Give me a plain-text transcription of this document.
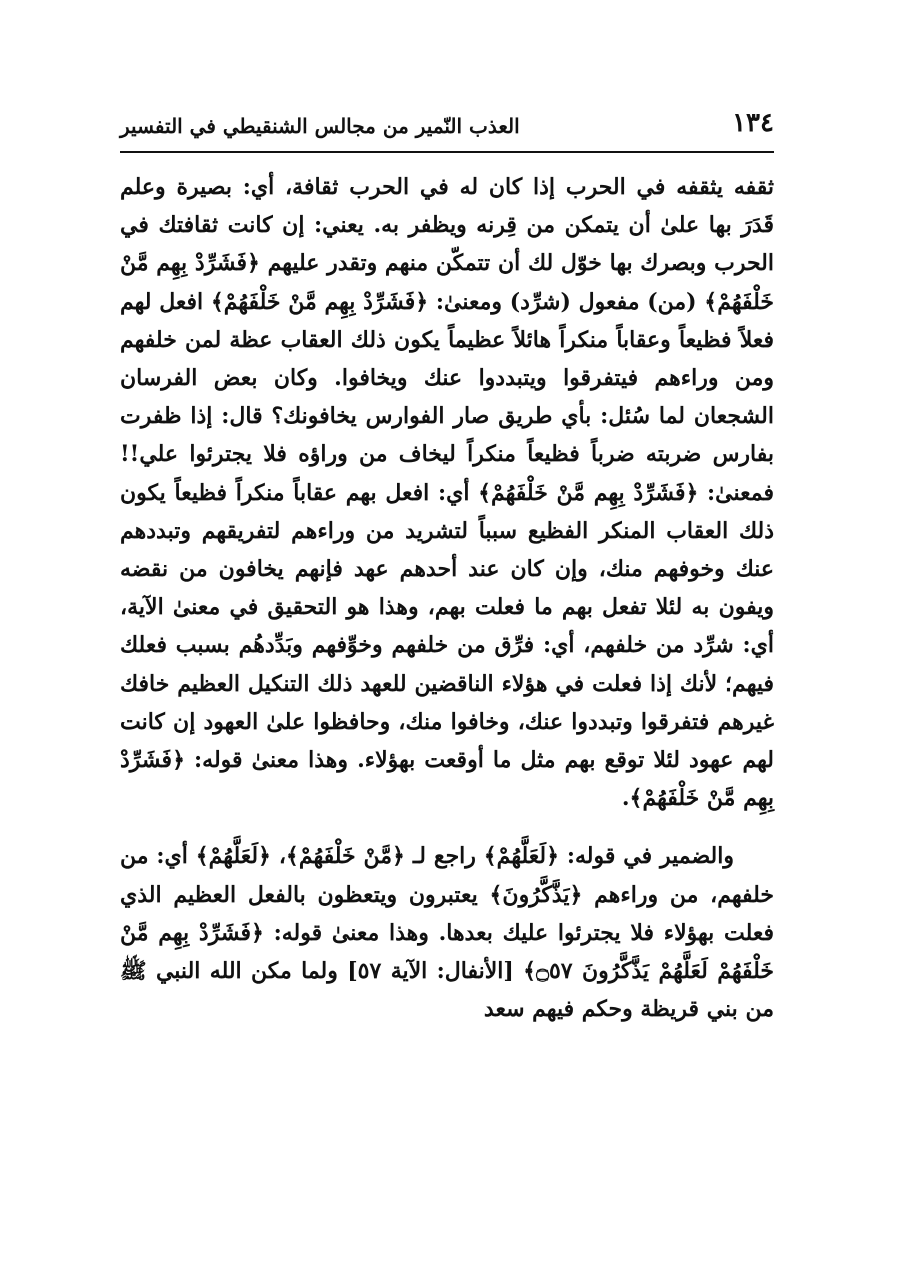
١٣٤
العذب النّمير من مجالس الشنقيطي في التفسير

ثقفه يثقفه في الحرب إذا كان له في الحرب ثقافة، أي: بصيرة وعلم قَدَرَ بها علىٰ أن يتمكن من قِرنه ويظفر به. يعني: إن كانت ثقافتك في الحرب وبصرك بها خوّل لك أن تتمكّن منهم وتقدر عليهم ﴿فَشَرِّدْ بِهِم مَّنْ خَلْفَهُمْ﴾ (من) مفعول (شرِّد) ومعنىٰ: ﴿فَشَرِّدْ بِهِم مَّنْ خَلْفَهُمْ﴾ افعل لهم فعلاً فظيعاً وعقاباً منكراً هائلاً عظيماً يكون ذلك العقاب عظة لمن خلفهم ومن وراءهم فيتفرقوا ويتبددوا عنك ويخافوا. وكان بعض الفرسان الشجعان لما سُئل: بأي طريق صار الفوارس يخافونك؟ قال: إذا ظفرت بفارس ضربته ضرباً فظيعاً منكراً ليخاف من وراؤه فلا يجترئوا علي!! فمعنىٰ: ﴿فَشَرِّدْ بِهِم مَّنْ خَلْفَهُمْ﴾ أي: افعل بهم عقاباً منكراً فظيعاً يكون ذلك العقاب المنكر الفظيع سبباً لتشريد من وراءهم لتفريقهم وتبددهم عنك وخوفهم منك، وإن كان عند أحدهم عهد فإنهم يخافون من نقضه ويفون به لئلا تفعل بهم ما فعلت بهم، وهذا هو التحقيق في معنىٰ الآية، أي: شرِّد من خلفهم، أي: فرِّق من خلفهم وخوِّفهم وبَدِّدهُم بسبب فعلك فيهم؛ لأنك إذا فعلت في هؤلاء الناقضين للعهد ذلك التنكيل العظيم خافك غيرهم فتفرقوا وتبددوا عنك، وخافوا منك، وحافظوا علىٰ العهود إن كانت لهم عهود لئلا توقع بهم مثل ما أوقعت بهؤلاء. وهذا معنىٰ قوله: ﴿فَشَرِّدْ بِهِم مَّنْ خَلْفَهُمْ﴾.

والضمير في قوله: ﴿لَعَلَّهُمْ﴾ راجع لـ ﴿مَّنْ خَلْفَهُمْ﴾، ﴿لَعَلَّهُمْ﴾ أي: من خلفهم، من وراءهم ﴿يَذَّكَّرُونَ﴾ يعتبرون ويتعظون بالفعل العظيم الذي فعلت بهؤلاء فلا يجترئوا عليك بعدها. وهذا معنىٰ قوله: ﴿فَشَرِّدْ بِهِم مَّنْ خَلْفَهُمْ لَعَلَّهُمْ يَذَّكَّرُونَ ۝٥٧﴾ [الأنفال: الآية ٥٧] ولما مكن الله النبي ﷺ من بني قريظة وحكم فيهم سعد
